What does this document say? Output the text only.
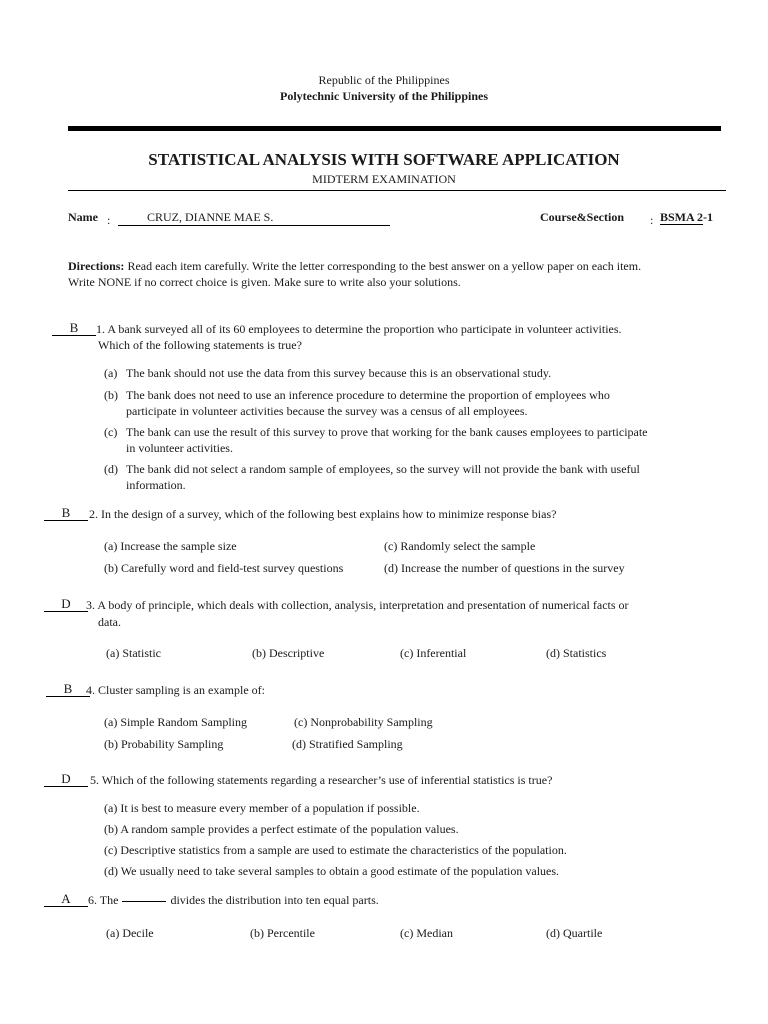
Republic of the Philippines
Polytechnic University of the Philippines
STATISTICAL ANALYSIS WITH SOFTWARE APPLICATION
MIDTERM EXAMINATION
Name :	CRUZ, DIANNE MAE S.	Course&Section : BSMA 2-1
Directions: Read each item carefully. Write the letter corresponding to the best answer on a yellow paper on each item.
Write NONE if no correct choice is given. Make sure to write also your solutions.
B	1. A bank surveyed all of its 60 employees to determine the proportion who participate in volunteer activities.
Which of the following statements is true?
(a) The bank should not use the data from this survey because this is an observational study.
(b) The bank does not need to use an inference procedure to determine the proportion of employees who
participate in volunteer activities because the survey was a census of all employees.
(c) The bank can use the result of this survey to prove that working for the bank causes employees to participate
in volunteer activities.
(d) The bank did not select a random sample of employees, so the survey will not provide the bank with useful
information.
B	2. In the design of a survey, which of the following best explains how to minimize response bias?
(a) Increase the sample size	(c) Randomly select the sample
(b) Carefully word and field-test survey questions	(d) Increase the number of questions in the survey
D	3. A body of principle, which deals with collection, analysis, interpretation and presentation of numerical facts or
data.
(a) Statistic	(b) Descriptive	(c) Inferential	(d) Statistics
B	4. Cluster sampling is an example of:
(a) Simple Random Sampling	(c) Nonprobability Sampling
(b) Probability Sampling	(d) Stratified Sampling
D	5. Which of the following statements regarding a researcher’s use of inferential statistics is true?
(a) It is best to measure every member of a population if possible.
(b) A random sample provides a perfect estimate of the population values.
(c) Descriptive statistics from a sample are used to estimate the characteristics of the population.
(d) We usually need to take several samples to obtain a good estimate of the population values.
A	6. The	divides the distribution into ten equal parts.
(a) Decile	(b) Percentile	(c) Median	(d) Quartile
